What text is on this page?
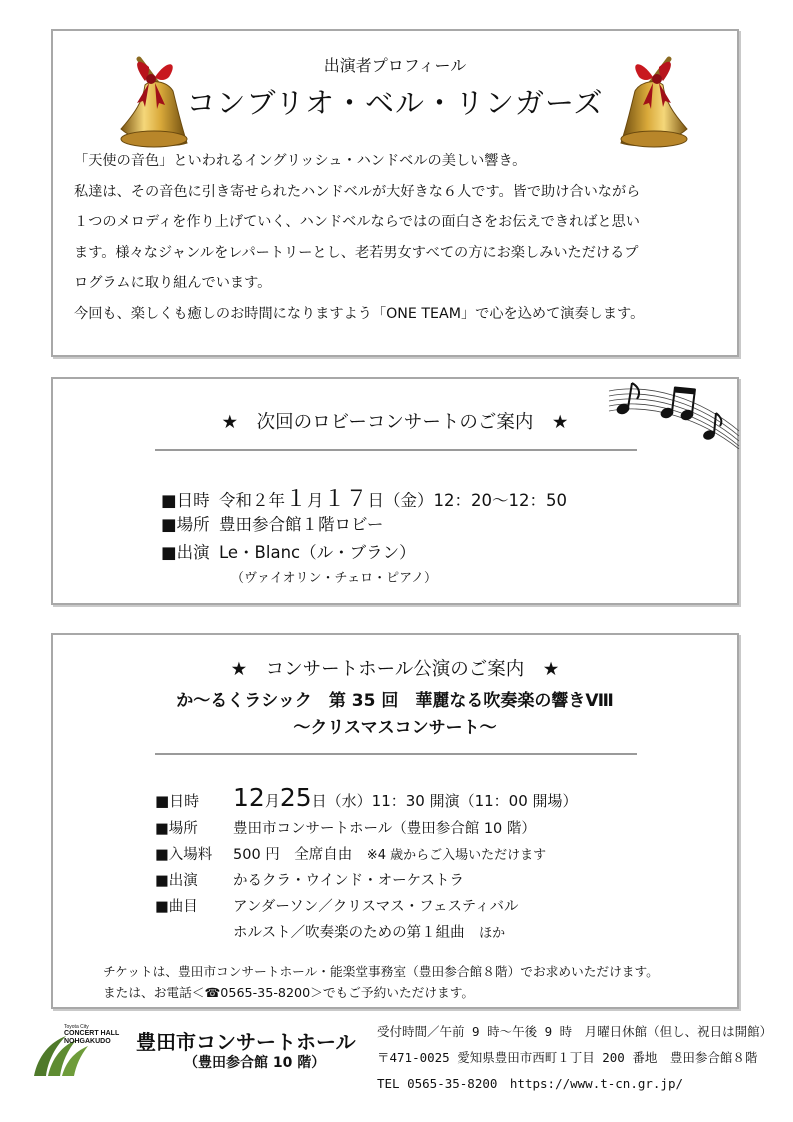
出演者プロフィール
コンブリオ・ベル・リンガーズ

「天使の音色」といわれるイングリッシュ・ハンドベルの美しい響き。

私達は、その音色に引き寄せられたハンドベルが大好きな６人です。皆で助け合いながら

１つのメロディを作り上げていく、ハンドベルならではの面白さをお伝えできればと思い

ます。様々なジャンルをレパートリーとし、老若男女すべての方にお楽しみいただけるプ

ログラムに取り組んでいます。

今回も、楽しくも癒しのお時間になりますよう「ONE TEAM」で心を込めて演奏します。

★　次回のロビーコンサートのご案内　★
■日時 令和２年１月１７日（金）12：20〜12：50
■場所 豊田参合館１階ロビー
■出演 Le・Blanc（ル・ブラン）
（ヴァイオリン・チェロ・ピアノ）
★　コンサートホール公演のご案内　★
か〜るくラシック　第 35 回　華麗なる吹奏楽の響きⅧ
〜クリスマスコンサート〜
■日時 12月25日（水）11：30 開演（11：00 開場）
■場所 豊田市コンサートホール（豊田参合館 10 階）
■入場料 500 円　全席自由　 ※4 歳からご入場いただけます
■出演 かるクラ・ウインド・オーケストラ
■曲目 アンダーソン／クリスマス・フェスティバル
ホルスト／吹奏楽のための第１組曲　 ほか
チケットは、豊田市コンサートホール・能楽堂事務室（豊田参合館８階）でお求めいただけます。
または、お電話＜☎0565-35-8200＞でもご予約いただけます。
Toyota City
CONCERT HALL
NOHGAKUDO	豊田市コンサートホール
（豊田参合館 10 階）
受付時間／午前 9 時〜午後 9 時　月曜日休館（但し、祝日は開館）
〒471-0025 愛知県豊田市西町１丁目 200 番地　豊田参合館８階
TEL 0565-35-8200　https://www.t-cn.gr.jp/
